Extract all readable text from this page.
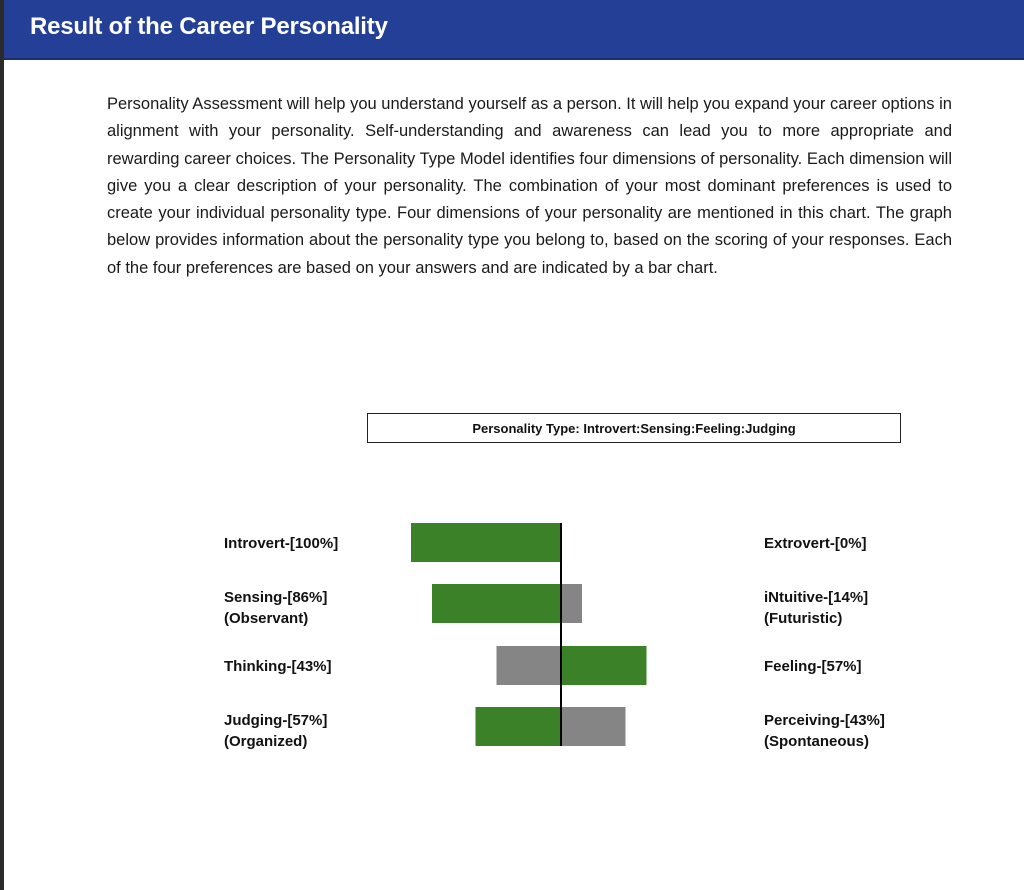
Result of the Career Personality

Personality Assessment will help you understand yourself as a person. It will help you expand your career options in alignment with your personality. Self-understanding and awareness can lead you to more appropriate and rewarding career choices. The Personality Type Model identifies four dimensions of personality. Each dimension will give you a clear description of your personality. The combination of your most dominant preferences is used to create your individual personality type. Four dimensions of your personality are mentioned in this chart. The graph below provides information about the personality type you belong to, based on the scoring of your responses. Each of the four preferences are based on your answers and are indicated by a bar chart.

Personality Type: Introvert:Sensing:Feeling:Judging
Introvert-[100%]	Extrovert-[0%]
Sensing-[86%]	iNtuitive-[14%]
(Observant)	(Futuristic)
Thinking-[43%]	Feeling-[57%]
Judging-[57%]	Perceiving-[43%]
(Organized)	(Spontaneous)
